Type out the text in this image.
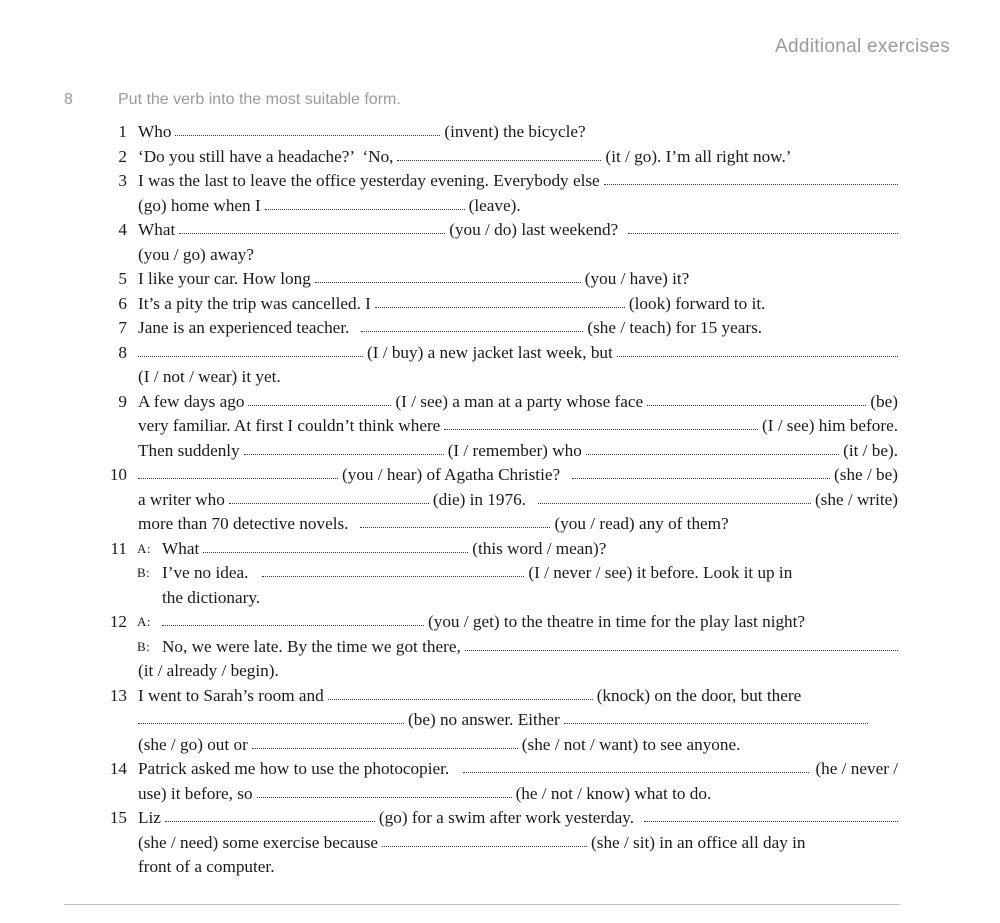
Additional exercises
8	Put the verb into the most suitable form.
1 Who	(invent) the bicycle?
2 ‘Do you still have a headache?’  ‘No,	(it / go). I’m all right now.’
3 I was the last to leave the office yesterday evening. Everybody else
(go) home when I	(leave).
4 What	(you / do) last weekend?
(you / go) away?
5 I like your car. How long	(you / have) it?
6 It’s a pity the trip was cancelled. I	(look) forward to it.
7 Jane is an experienced teacher.	(she / teach) for 15 years.
8	(I / buy) a new jacket last week, but
(I / not / wear) it yet.
9 A few days ago	(I / see) a man at a party whose face	(be)
very familiar. At first I couldn’t think where	(I / see) him before.
Then suddenly	(I / remember) who	(it / be).
10	(you / hear) of Agatha Christie?	(she / be)
a writer who	(die) in 1976.	(she / write)
more than 70 detective novels.	(you / read) any of them?
11 A: What	(this word / mean)?
B: I’ve no idea.	(I / never / see) it before. Look it up in
the dictionary.
12 A:	(you / get) to the theatre in time for the play last night?
B: No, we were late. By the time we got there,
(it / already / begin).
13 I went to Sarah’s room and	(knock) on the door, but there
(be) no answer. Either
(she / go) out or	(she / not / want) to see anyone.
14 Patrick asked me how to use the photocopier.	(he / never /
use) it before, so	(he / not / know) what to do.
15 Liz	(go) for a swim after work yesterday.
(she / need) some exercise because	(she / sit) in an office all day in
front of a computer.
